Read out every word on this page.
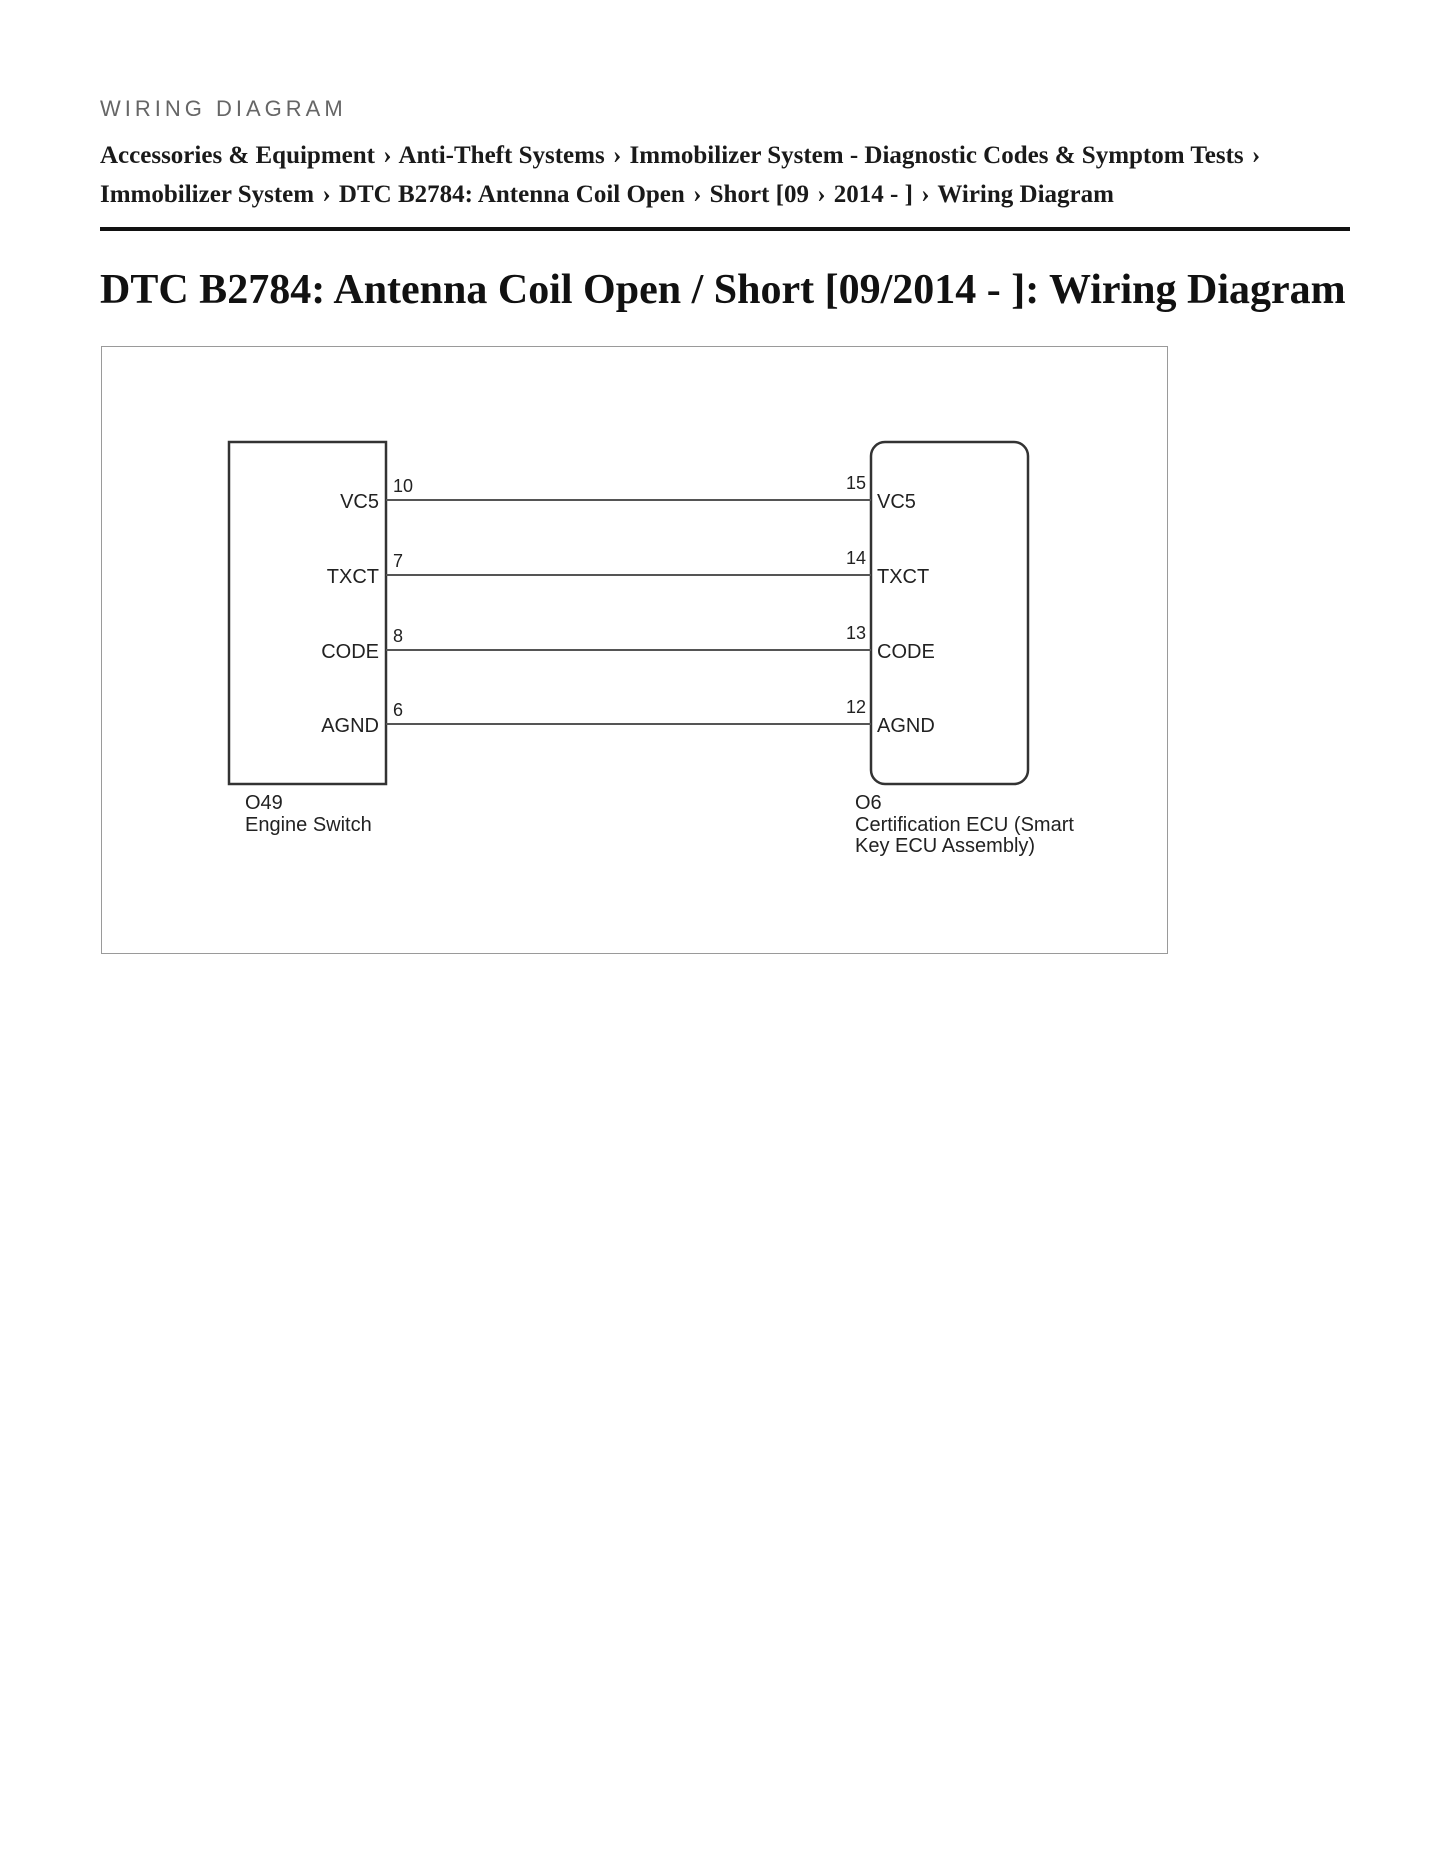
WIRING DIAGRAM
Accessories & Equipment › Anti-Theft Systems › Immobilizer System - Diagnostic Codes & Symptom Tests › Immobilizer System › DTC B2784: Antenna Coil Open › Short [09 › 2014 - ] › Wiring Diagram
DTC B2784: Antenna Coil Open / Short [09/2014 - ]: Wiring Diagram
VC5
TXCT
CODE
AGND
10
7
8
6
15
14
13
12
VC5
TXCT
CODE
AGND
O49
Engine Switch
O6
Certification ECU (Smart
Key ECU Assembly)
